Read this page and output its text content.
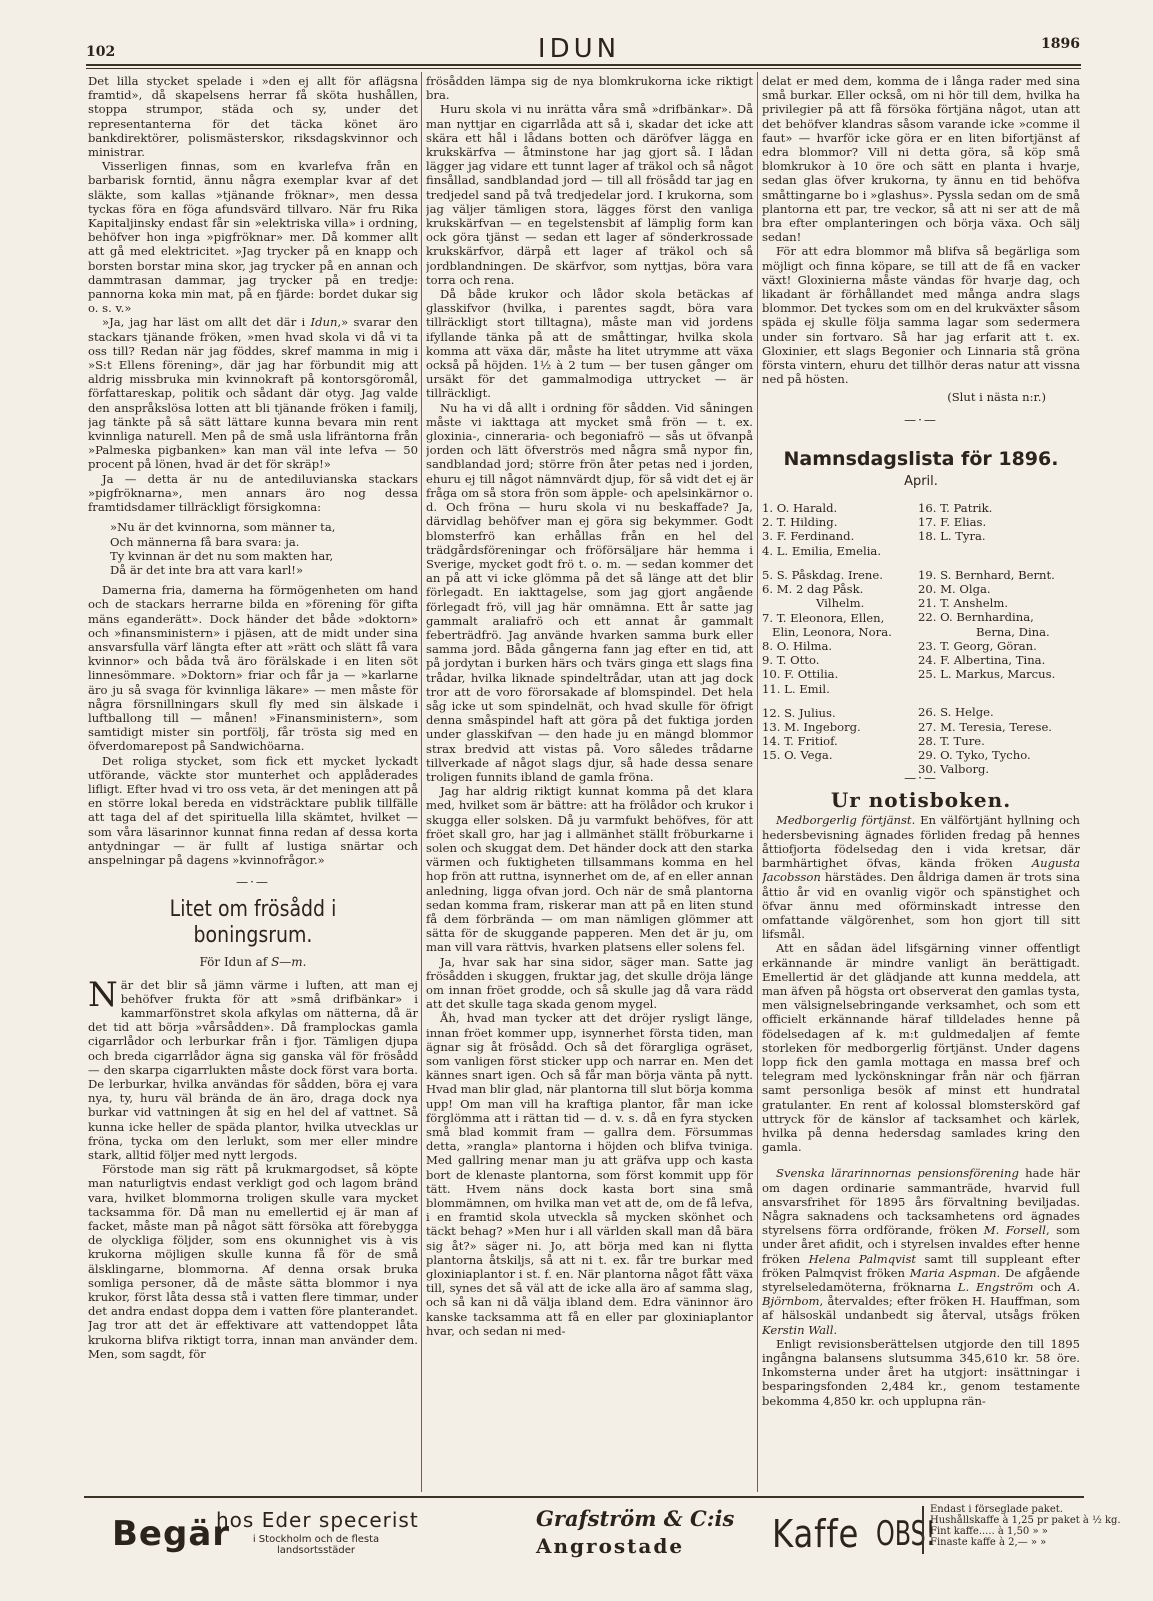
102	IDUN	1896

Det lilla stycket spelade i »den ej allt för aflägsna framtid», då skapelsens herrar få sköta hushållen, stoppa strumpor, städa och sy, under det representanterna för det täcka könet äro bankdirektörer, polismästerskor, riksdagskvinnor och ministrar.

Visserligen finnas, som en kvarlefva från en barbarisk forntid, ännu några exemplar kvar af det släkte, som kallas »tjänande fröknar», men dessa tyckas föra en föga afundsvärd tillvaro. När fru Rika Kapitaljinsky endast får sin »elektriska villa» i ordning, behöfver hon inga »pigfröknar» mer. Då kommer allt att gå med elektricitet. »Jag trycker på en knapp och borsten borstar mina skor, jag trycker på en annan och dammtrasan dammar, jag trycker på en tredje: pannorna koka min mat, på en fjärde: bordet dukar sig o. s. v.»

»Ja, jag har läst om allt det där i Idun,» svarar den stackars tjänande fröken, »men hvad skola vi då vi ta oss till? Redan när jag föddes, skref mamma in mig i »S:t Ellens förening», där jag har förbundit mig att aldrig missbruka min kvinnokraft på kontorsgöromål, författareskap, politik och sådant där otyg. Jag valde den anspråkslösa lotten att bli tjänande fröken i familj, jag tänkte på så sätt lättare kunna bevara min rent kvinnliga naturell. Men på de små usla lifräntorna från »Palmeska pigbanken» kan man väl inte lefva — 50 procent på lönen, hvad är det för skräp!»

Ja — detta är nu de antediluvianska stackars »pigfröknarna», men annars äro nog dessa framtidsdamer tillräckligt försigkomna:

»Nu är det kvinnorna, som männer ta,
Och männerna få bara svara: ja.
Ty kvinnan är det nu som makten har,
Då är det inte bra att vara karl!»

Damerna fria, damerna ha förmögenheten om hand och de stackars herrarne bilda en »förening för gifta mäns eganderätt». Dock händer det både »doktorn» och »finansministern» i pjäsen, att de midt under sina ansvarsfulla värf längta efter att »rätt och slätt få vara kvinnor» och båda två äro förälskade i en liten söt linnesömmare. »Doktorn» friar och får ja — »karlarne äro ju så svaga för kvinnliga läkare» — men måste för några försnillningars skull fly med sin älskade i luftballong till — månen! »Finansministern», som samtidigt mister sin portfölj, får trösta sig med en öfverdomarepost på Sandwichöarna.

Det roliga stycket, som fick ett mycket lyckadt utförande, väckte stor munterhet och applåderades lifligt. Efter hvad vi tro oss veta, är det meningen att på en större lokal bereda en vidsträcktare publik tillfälle att taga del af det spirituella lilla skämtet, hvilket — som våra läsarinnor kunnat finna redan af dessa korta antydningar — är fullt af lustiga snärtar och anspelningar på dagens »kvinnofrågor.»

—·—
Litet om frösådd i boningsrum.
För Idun af S—m.

När det blir så jämn värme i luften, att man ej behöfver frukta för att »små drifbänkar» i kammarfönstret skola afkylas om nätterna, då är det tid att börja »vårsådden». Då framplockas gamla cigarrlådor och lerburkar från i fjor. Tämligen djupa och breda cigarrlådor ägna sig ganska väl för frösådd — den skarpa cigarrlukten måste dock först vara borta. De lerburkar, hvilka användas för sådden, böra ej vara nya, ty, huru väl brända de än äro, draga dock nya burkar vid vattningen åt sig en hel del af vattnet. Så kunna icke heller de späda plantor, hvilka utvecklas ur fröna, tycka om den lerlukt, som mer eller mindre stark, alltid följer med nytt lergods.

Förstode man sig rätt på krukmargodset, så köpte man naturligtvis endast verkligt god och lagom bränd vara, hvilket blommorna troligen skulle vara mycket tacksamma för. Då man nu emellertid ej är man af facket, måste man på något sätt försöka att förebygga de olyckliga följder, som ens okunnighet vis à vis krukorna möjligen skulle kunna få för de små älsklingarne, blommorna. Af denna orsak bruka somliga personer, då de måste sätta blommor i nya krukor, först låta dessa stå i vatten flere timmar, under det andra endast doppa dem i vatten före planterandet. Jag tror att det är effektivare att vattendoppet låta krukorna blifva riktigt torra, innan man använder dem. Men, som sagdt, för

frösådden lämpa sig de nya blomkrukorna icke riktigt bra.

Huru skola vi nu inrätta våra små »drifbänkar». Då man nyttjar en cigarrlåda att så i, skadar det icke att skära ett hål i lådans botten och däröfver lägga en krukskärfva — åtminstone har jag gjort så. I lådan lägger jag vidare ett tunnt lager af träkol och så något finsållad, sandblandad jord — till all frösådd tar jag en tredjedel sand på två tredjedelar jord. I krukorna, som jag väljer tämligen stora, lägges först den vanliga krukskärfvan — en tegelstensbit af lämplig form kan ock göra tjänst — sedan ett lager af sönderkrossade krukskärfvor, därpå ett lager af träkol och så jordblandningen. De skärfvor, som nyttjas, böra vara torra och rena.

Då både krukor och lådor skola betäckas af glasskifvor (hvilka, i parentes sagdt, böra vara tillräckligt stort tilltagna), måste man vid jordens ifyllande tänka på att de småttingar, hvilka skola komma att växa där, måste ha litet utrymme att växa också på höjden. 1½ à 2 tum — ber tusen gånger om ursäkt för det gammalmodiga uttrycket — är tillräckligt.

Nu ha vi då allt i ordning för sådden. Vid såningen måste vi iakttaga att mycket små frön — t. ex. gloxinia-, cinneraria- och begoniafrö — sås ut öfvanpå jorden och lätt öfverströs med några små nypor fin, sandblandad jord; större frön åter petas ned i jorden, ehuru ej till något nämnvärdt djup, för så vidt det ej är fråga om så stora frön som äpple- och apelsinkärnor o. d. Och fröna — huru skola vi nu beskaffade? Ja, därvidlag behöfver man ej göra sig bekymmer. Godt blomsterfrö kan erhållas från en hel del trädgårdsföreningar och fröförsäljare här hemma i Sverige, mycket godt frö t. o. m. — sedan kommer det an på att vi icke glömma på det så länge att det blir förlegadt. En iakttagelse, som jag gjort angående förlegadt frö, vill jag här omnämna. Ett år satte jag gammalt araliafrö och ett annat år gammalt feberträdfrö. Jag använde hvarken samma burk eller samma jord. Båda gångerna fann jag efter en tid, att på jordytan i burken härs och tvärs ginga ett slags fina trådar, hvilka liknade spindeltrådar, utan att jag dock tror att de voro förorsakade af blomspindel. Det hela såg icke ut som spindelnät, och hvad skulle för öfrigt denna småspindel haft att göra på det fuktiga jorden under glasskifvan — den hade ju en mängd blommor strax bredvid att vistas på. Voro således trådarne tillverkade af något slags djur, så hade dessa senare troligen funnits ibland de gamla fröna.

Jag har aldrig riktigt kunnat komma på det klara med, hvilket som är bättre: att ha frölådor och krukor i skugga eller solsken. Då ju varmfukt behöfves, för att fröet skall gro, har jag i allmänhet ställt fröburkarne i solen och skuggat dem. Det händer dock att den starka värmen och fuktigheten tillsammans komma en hel hop frön att ruttna, isynnerhet om de, af en eller annan anledning, ligga ofvan jord. Och när de små plantorna sedan komma fram, riskerar man att på en liten stund få dem förbrända — om man nämligen glömmer att sätta för de skuggande papperen. Men det är ju, om man vill vara rättvis, hvarken platsens eller solens fel.

Ja, hvar sak har sina sidor, säger man. Satte jag frösådden i skuggen, fruktar jag, det skulle dröja länge om innan fröet grodde, och så skulle jag då vara rädd att det skulle taga skada genom mygel.

Åh, hvad man tycker att det dröjer rysligt länge, innan fröet kommer upp, isynnerhet första tiden, man ägnar sig åt frösådd. Och så det förargliga ogräset, som vanligen först sticker upp och narrar en. Men det kännes snart igen. Och så får man börja vänta på nytt. Hvad man blir glad, när plantorna till slut börja komma upp! Om man vill ha kraftiga plantor, får man icke förglömma att i rättan tid — d. v. s. då en fyra stycken små blad kommit fram — gallra dem. Försummas detta, »rangla» plantorna i höjden och blifva tviniga. Med gallring menar man ju att gräfva upp och kasta bort de klenaste plantorna, som först kommit upp för tätt. Hvem näns dock kasta bort sina små blommämnen, om hvilka man vet att de, om de få lefva, i en framtid skola utveckla så mycken skönhet och täckt behag? »Men hur i all världen skall man då bära sig åt?» säger ni. Jo, att börja med kan ni flytta plantorna åtskiljs, så att ni t. ex. får tre burkar med gloxiniaplantor i st. f. en. När plantorna något fått växa till, synes det så väl att de icke alla äro af samma slag, och så kan ni då välja ibland dem. Edra väninnor äro kanske tacksamma att få en eller par gloxiniaplantor hvar, och sedan ni med-

delat er med dem, komma de i långa rader med sina små burkar. Eller också, om ni hör till dem, hvilka ha privilegier på att få försöka förtjäna något, utan att det behöfver klandras såsom varande icke »comme il faut» — hvarför icke göra er en liten bifortjänst af edra blommor? Vill ni detta göra, så köp små blomkrukor à 10 öre och sätt en planta i hvarje, sedan glas öfver krukorna, ty ännu en tid behöfva småttingarne bo i »glashus». Pyssla sedan om de små plantorna ett par, tre veckor, så att ni ser att de må bra efter omplanteringen och börja växa. Och sälj sedan!

För att edra blommor må blifva så begärliga som möjligt och finna köpare, se till att de få en vacker växt! Gloxinierna måste vändas för hvarje dag, och likadant är förhållandet med många andra slags blommor. Det tyckes som om en del krukväxter såsom späda ej skulle följa samma lagar som sedermera under sin fortvaro. Så har jag erfarit att t. ex. Gloxinier, ett slags Begonier och Linnaria stå gröna första vintern, ehuru det tillhör deras natur att vissna ned på hösten.

(Slut i nästa n:r.)
—·—
Namnsdagslista för 1896.
April.
1. O. Harald.
2. T. Hilding.
3. F. Ferdinand.
4. L. Emilia, Emelia.
5. S. Påskdag. Irene.
6. M. 2 dag Påsk.
Vilhelm.
7. T. Eleonora, Ellen,
Elin, Leonora, Nora.
8. O. Hilma.
9. T. Otto.
10. F. Ottilia.
11. L. Emil.
12. S. Julius.
13. M. Ingeborg.
14. T. Fritiof.
15. O. Vega.
16. T. Patrik.
17. F. Elias.
18. L. Tyra.
19. S. Bernhard, Bernt.
20. M. Olga.
21. T. Anshelm.
22. O. Bernhardina,
Berna, Dina.
23. T. Georg, Göran.
24. F. Albertina, Tina.
25. L. Markus, Marcus.
26. S. Helge.
27. M. Teresia, Terese.
28. T. Ture.
29. O. Tyko, Tycho.
30. Valborg.
—·—
Ur notisboken.

Medborgerlig förtjänst. En välförtjänt hyllning och hedersbevisning ägnades förliden fredag på hennes åttiofjorta födelsedag den i vida kretsar, där barmhärtighet öfvas, kända fröken Augusta Jacobsson härstädes. Den åldriga damen är trots sina åttio år vid en ovanlig vigör och spänstighet och öfvar ännu med oförminskadt intresse den omfattande välgörenhet, som hon gjort till sitt lifsmål.

Att en sådan ädel lifsgärning vinner offentligt erkännande är mindre vanligt än berättigadt. Emellertid är det glädjande att kunna meddela, att man äfven på högsta ort observerat den gamlas tysta, men välsignelsebringande verksamhet, och som ett officielt erkännande häraf tilldelades henne på födelsedagen af k. m:t guldmedaljen af femte storleken för medborgerlig förtjänst. Under dagens lopp fick den gamla mottaga en massa bref och telegram med lyckönskningar från när och fjärran samt personliga besök af minst ett hundratal gratulanter. En rent af kolossal blomsterskörd gaf uttryck för de känslor af tacksamhet och kärlek, hvilka på denna hedersdag samlades kring den gamla.

Svenska lärarinnornas pensionsförening hade här om dagen ordinarie sammanträde, hvarvid full ansvarsfrihet för 1895 års förvaltning beviljadas. Några saknadens och tacksamhetens ord ägnades styrelsens förra ordförande, fröken M. Forsell, som under året afidit, och i styrelsen invaldes efter henne fröken Helena Palmqvist samt till suppleant efter fröken Palmqvist fröken Maria Aspman. De afgående styrelseledamöterna, fröknarna L. Engström och A. Björnbom, återvaldes; efter fröken H. Hauffman, som af hälsoskäl undanbedt sig återval, utsågs fröken Kerstin Wall.

Enligt revisionsberättelsen utgjorde den till 1895 ingångna balansens slutsumma 345,610 kr. 58 öre. Inkomsterna under året ha utgjort: insättningar i besparingsfonden 2,484 kr., genom testamente bekomma 4,850 kr. och upplupna rän-

Begär
hos Eder specerist
i Stockholm och de flesta landsortsstäder
Grafström & C:is
Angrostade Kaffe OBS!
Endast i förseglade paket.
Hushållskaffe à 1,25 pr paket à ½ kg.
Fint kaffe..... à 1,50 » »
Finaste kaffe à 2,— » »
